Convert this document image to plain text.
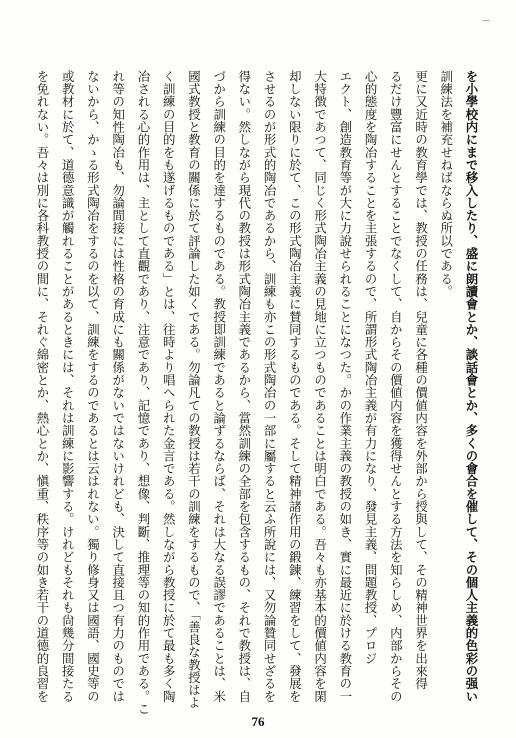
—
を小學校内にまで移入したり、盛に朗讀會とか、談話會とか、多くの會合を催して、その個人主義的色彩の强い
訓練法を補充せねばならぬ所以である。
更に又近時の教育學では、教授の任務は、兒童に各種の價値内容を外部から授與して、その精神世界を出來得
るだけ豐富にせんとすることでなくして、自からその價値内容を獲得せんとする方法を知らしめ、内部からその
心的態度を陶冶することを主張するので、所謂形式陶冶主義が有力になり、發見主義、問題教授、プロジ
エクト、創造教育等が大に力說せられることになつた。かの作業主義の教授の如き、實に最近に於ける教育の一
大特徴であつて、同じく形式陶冶主義の見地に立つものであることは明白である。吾々も亦基本的價値内容を閑
却しない限りに於て、この形式陶冶主義に賛同するものである。そして精神諸作用の鍛錬、練習をして、發展を
させるのが形式的陶冶であるから、訓練も亦この形式陶冶の一部に屬すると云ふ所說には、又勿論贊同せざるを
得ない。然しながら現代の教授は形式陶冶主義であるから、當然訓練の全部を包含するもの、それで教授は、自
づから訓練の目的を達するものである。教授即訓練であると論ずるならば、それは大なる誤謬であることは、米
國式教授と教育の關係に於て評論した如くである。勿論凡ての教授は若干の訓練をするもので、「善良な教授はよ
く訓練の目的をも遂げるものである」とは、往時より唱へられた金言である。然しながら教授に於て最も多く陶
冶される心的作用は、主として直觀であり、注意であり、記憶であり、想像、判斷、推理等の知的作用である。こ
れ等の知性陶冶も、勿論間接には性格の育成にも關係がないではないけれども、決して直接且つ有力のものでは
ないから、かゝる形式陶冶をするのを以て、訓練をするのであるとは云はれない。獨り修身又は國語、國史等の
或教材に於て、道德意識が觸れることがあるときには、それは訓練に影響する。けれどもそれも尙幾分間接たる
を免れない。吾々は別に各科教授の間に、それぐ綿密とか、熱心とか、愼重、秩序等の如き若干の道德的良習を
76
